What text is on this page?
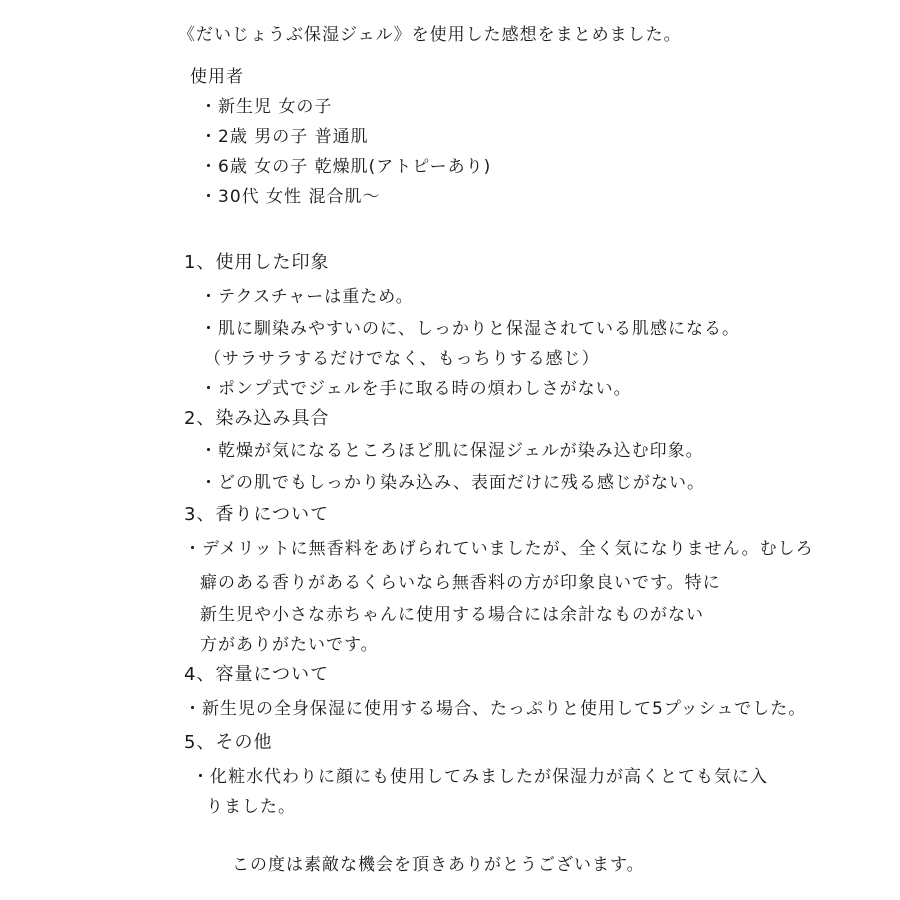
《だいじょうぶ保湿ジェル》を使用した感想をまとめました。
使用者
・新生児 女の子
・2歳 男の子 普通肌
・6歳 女の子 乾燥肌(アトピーあり)
・30代 女性 混合肌～
1、使用した印象
・テクスチャーは重ため。
・肌に馴染みやすいのに、しっかりと保湿されている肌感になる。
（サラサラするだけでなく、もっちりする感じ）
・ポンプ式でジェルを手に取る時の煩わしさがない。
2、染み込み具合
・乾燥が気になるところほど肌に保湿ジェルが染み込む印象。
・どの肌でもしっかり染み込み、表面だけに残る感じがない。
3、香りについて
・デメリットに無香料をあげられていましたが、全く気になりません。むしろ
癖のある香りがあるくらいなら無香料の方が印象良いです。特に
新生児や小さな赤ちゃんに使用する場合には余計なものがない
方がありがたいです。
4、容量について
・新生児の全身保湿に使用する場合、たっぷりと使用して5プッシュでした。
5、その他
・化粧水代わりに顔にも使用してみましたが保湿力が高くとても気に入
りました。
この度は素敵な機会を頂きありがとうございます。
